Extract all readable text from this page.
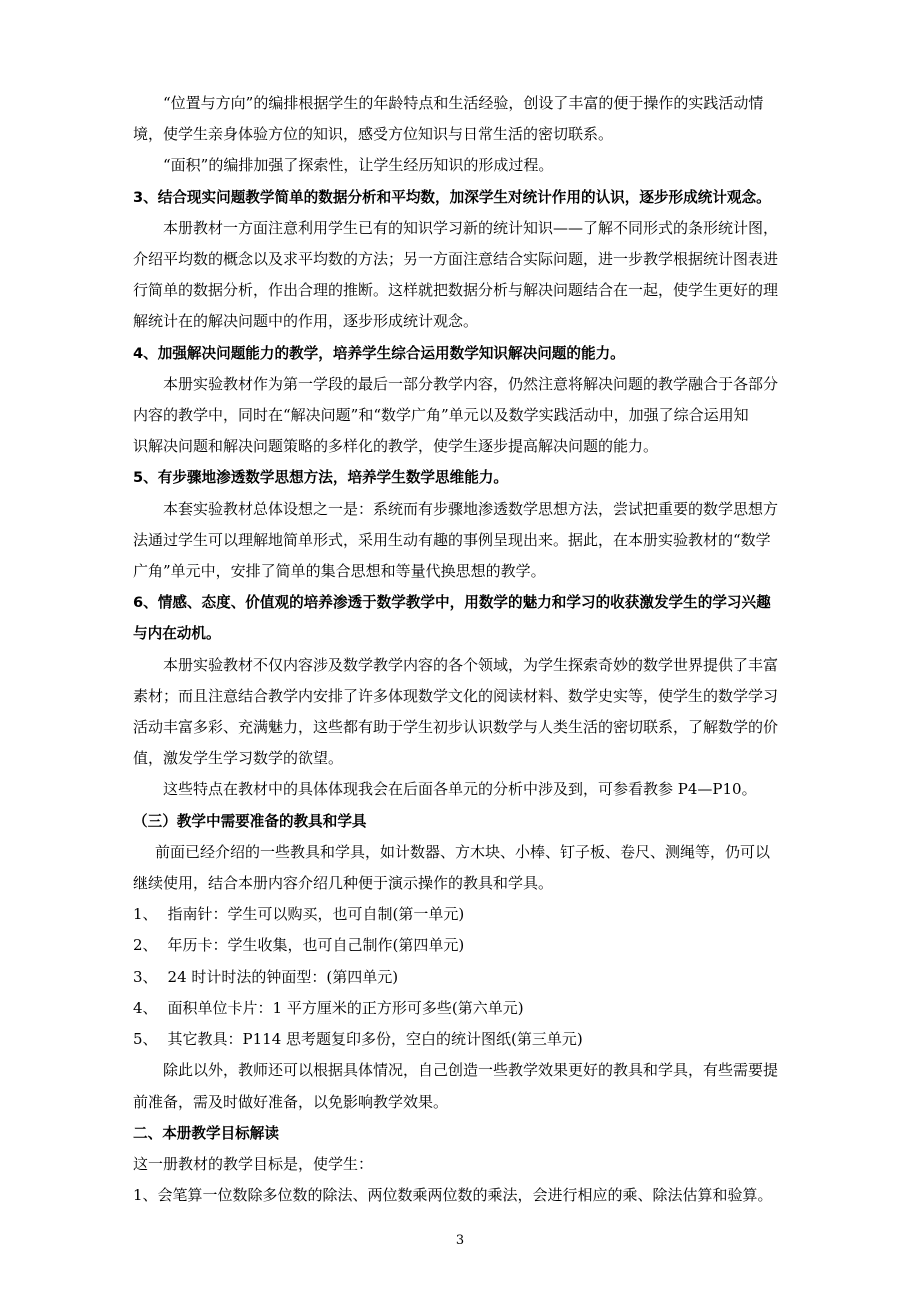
“位置与方向”的编排根据学生的年龄特点和生活经验，创设了丰富的便于操作的实践活动情
境，使学生亲身体验方位的知识，感受方位知识与日常生活的密切联系。
“面积”的编排加强了探索性，让学生经历知识的形成过程。
3、结合现实问题教学简单的数据分析和平均数，加深学生对统计作用的认识，逐步形成统计观念。
本册教材一方面注意利用学生已有的知识学习新的统计知识——了解不同形式的条形统计图，
介绍平均数的概念以及求平均数的方法；另一方面注意结合实际问题，进一步教学根据统计图表进
行简单的数据分析，作出合理的推断。这样就把数据分析与解决问题结合在一起，使学生更好的理
解统计在的解决问题中的作用，逐步形成统计观念。
4、加强解决问题能力的教学，培养学生综合运用数学知识解决问题的能力。
本册实验教材作为第一学段的最后一部分教学内容，仍然注意将解决问题的教学融合于各部分
内容的教学中，同时在“解决问题”和“数学广角”单元以及数学实践活动中，加强了综合运用知
识解决问题和解决问题策略的多样化的教学，使学生逐步提高解决问题的能力。
5、有步骤地渗透数学思想方法，培养学生数学思维能力。
本套实验教材总体设想之一是：系统而有步骤地渗透数学思想方法，尝试把重要的数学思想方
法通过学生可以理解地简单形式，采用生动有趣的事例呈现出来。据此，在本册实验教材的“数学
广角”单元中，安排了简单的集合思想和等量代换思想的教学。
6、情感、态度、价值观的培养渗透于数学教学中，用数学的魅力和学习的收获激发学生的学习兴趣
与内在动机。
本册实验教材不仅内容涉及数学教学内容的各个领域，为学生探索奇妙的数学世界提供了丰富
素材；而且注意结合教学内安排了许多体现数学文化的阅读材料、数学史实等，使学生的数学学习
活动丰富多彩、充满魅力，这些都有助于学生初步认识数学与人类生活的密切联系，了解数学的价
值，激发学生学习数学的欲望。
这些特点在教材中的具体体现我会在后面各单元的分析中涉及到，可参看教参 P4—P10。
（三）教学中需要准备的教具和学具
前面已经介绍的一些教具和学具，如计数器、方木块、小棒、钉子板、卷尺、测绳等，仍可以
继续使用，结合本册内容介绍几种便于演示操作的教具和学具。
1、 指南针：学生可以购买，也可自制(第一单元)
2、 年历卡：学生收集，也可自己制作(第四单元)
3、 24 时计时法的钟面型：(第四单元)
4、 面积单位卡片：1 平方厘米的正方形可多些(第六单元)
5、 其它教具：P114 思考题复印多份，空白的统计图纸(第三单元)
除此以外，教师还可以根据具体情况，自己创造一些教学效果更好的教具和学具，有些需要提
前准备，需及时做好准备，以免影响教学效果。
二、本册教学目标解读
这一册教材的教学目标是，使学生：
1、会笔算一位数除多位数的除法、两位数乘两位数的乘法，会进行相应的乘、除法估算和验算。
3
